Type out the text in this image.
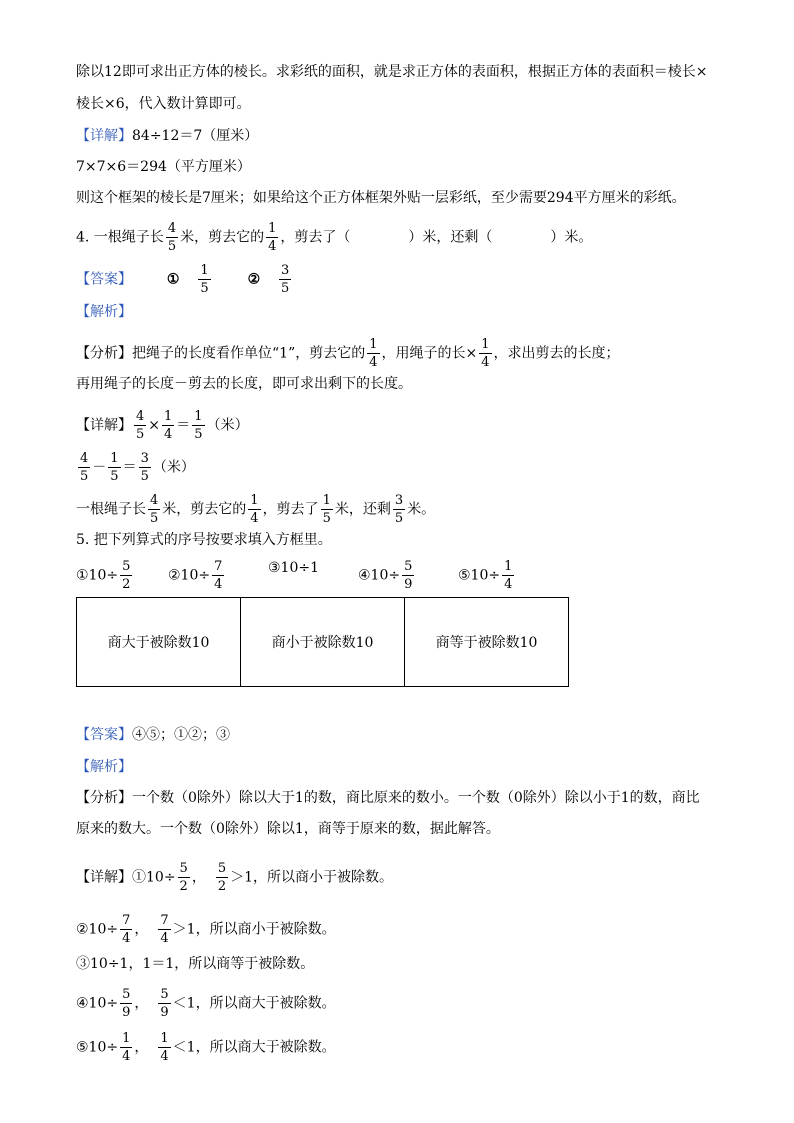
除以12即可求出正方体的棱长。求彩纸的面积，就是求正方体的表面积，根据正方体的表面积＝棱长×
棱长×6，代入数计算即可。
【详解】84÷12＝7（厘米）
7×7×6＝294（平方厘米）
则这个框架的棱长是7厘米；如果给这个正方体框架外贴一层彩纸，至少需要294平方厘米的彩纸。
4. 一根绳子长 $\frac{4}{5}$ 米，剪去它的 $\frac{1}{4}$ ，剪去了（	）米，还剩（	）米。
【答案】 ① $\frac{1}{5}$	② $\frac{3}{5}$
【解析】
【分析】把绳子的长度看作单位“1”，剪去它的 $\frac{1}{4}$ ，用绳子的长× $\frac{1}{4}$ ，求出剪去的长度；
再用绳子的长度－剪去的长度，即可求出剩下的长度。
【详解】 $\frac{4}{5} \times \frac{1}{4} = \frac{1}{5}$ （米）
$\frac{4}{5} - \frac{1}{5} = \frac{3}{5}$ （米）
一根绳子长 $\frac{4}{5}$ 米，剪去它的 $\frac{1}{4}$ ，剪去了 $\frac{1}{5}$ 米，还剩 $\frac{3}{5}$ 米。
5. 把下列算式的序号按要求填入方框里。
①10÷ $\frac{5}{2}$	②10÷ $\frac{7}{4}$	③10÷1	④10÷ $\frac{5}{9}$	⑤10÷ $\frac{1}{4}$
商大于被除数10	商小于被除数10	商等于被除数10
【答案】④⑤；①②；③
【解析】
【分析】一个数（0除外）除以大于1的数，商比原来的数小。一个数（0除外）除以小于1的数，商比
原来的数大。一个数（0除外）除以1，商等于原来的数，据此解答。
【详解】①10÷ $\frac{5}{2}$ ， $\frac{5}{2} >1$，所以商小于被除数。
②10÷ $\frac{7}{4}$ ， $\frac{7}{4} >1$，所以商小于被除数。
③10÷1，1＝1，所以商等于被除数。
④10÷ $\frac{5}{9}$ ， $\frac{5}{9} <1$，所以商大于被除数。
⑤10÷ $\frac{1}{4}$ ， $\frac{1}{4} <1$，所以商大于被除数。
